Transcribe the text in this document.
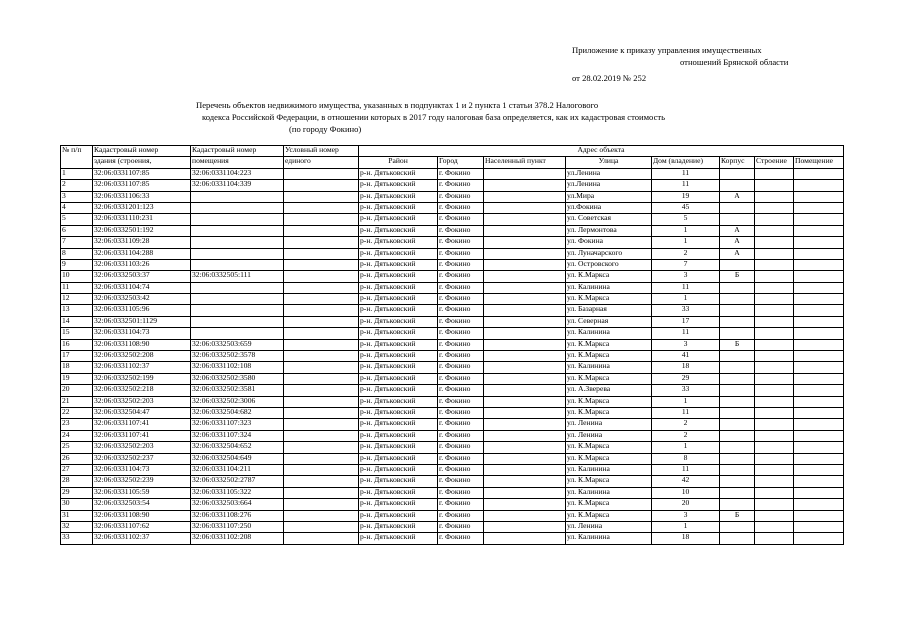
Приложение к приказу управления имущественных
отношений Брянской области
от 28.02.2019 № 252
Перечень объектов недвижимого имущества, указанных в подпунктах 1 и 2 пункта 1 статьи 378.2 Налогового
кодекса Российской Федерации, в отношении которых в 2017 году налоговая база определяется, как их кадастровая стоимость
(по городу Фокино)
№ п/п	Кадастровый номер	Кадастровый номер	Условный номер	Адрес объекта							
	здания (строения,	помещения	единого	Район	Город	Населенный пункт	Улица	Дом (владение)	Корпус	Строение	Помещение
1	32:06:0331107:85	32:06:0331104:223		р-н. Дятьковский	г. Фокино		ул.Ленина	11			
2	32:06:0331107:85	32:06:0331104:339		р-н. Дятьковский	г. Фокино		ул.Ленина	11			
3	32:06:0331106:33			р-н. Дятьковский	г. Фокино		ул.Мира	19	А		
4	32:06:0331201:123			р-н. Дятьковский	г. Фокино		ул.Фокина	45			
5	32:06:0331110:231			р-н. Дятьковский	г. Фокино		ул. Советская	5			
6	32:06:0332501:192			р-н. Дятьковский	г. Фокино		ул. Лермонтова	1	А		
7	32:06:0331109:28			р-н. Дятьковский	г. Фокино		ул. Фокина	1	А		
8	32:06:0331104:288			р-н. Дятьковский	г. Фокино		ул. Луначарского	2	А		
9	32:06:0331103:26			р-н. Дятьковский	г. Фокино		ул. Островского	7			
10	32:06:0332503:37	32:06:0332505:111		р-н. Дятьковский	г. Фокино		ул. К.Маркса	3	Б		
11	32:06:0331104:74			р-н. Дятьковский	г. Фокино		ул. Калинина	11			
12	32:06:0332503:42			р-н. Дятьковский	г. Фокино		ул. К.Маркса	1			
13	32:06:0331105:96			р-н. Дятьковский	г. Фокино		ул. Базарная	33			
14	32:06:0332501:1129			р-н. Дятьковский	г. Фокино		ул. Северная	17			
15	32:06:0331104:73			р-н. Дятьковский	г. Фокино		ул. Калинина	11			
16	32:06:0331108:90	32:06:0332503:659		р-н. Дятьковский	г. Фокино		ул. К.Маркса	3	Б		
17	32:06:0332502:208	32:06:0332502:3578		р-н. Дятьковский	г. Фокино		ул. К.Маркса	41			
18	32:06:0331102:37	32:06:0331102:108		р-н. Дятьковский	г. Фокино		ул. Калинина	18			
19	32:06:0332502:199	32:06:0332502:3580		р-н. Дятьковский	г. Фокино		ул. К.Маркса	29			
20	32:06:0332502:218	32:06:0332502:3581		р-н. Дятьковский	г. Фокино		ул. А.Зверева	33			
21	32:06:0332502:203	32:06:0332502:3006		р-н. Дятьковский	г. Фокино		ул. К.Маркса	1			
22	32:06:0332504:47	32:06:0332504:682		р-н. Дятьковский	г. Фокино		ул. К.Маркса	11			
23	32:06:0331107:41	32:06:0331107:323		р-н. Дятьковский	г. Фокино		ул. Ленина	2			
24	32:06:0331107:41	32:06:0331107:324		р-н. Дятьковский	г. Фокино		ул. Ленина	2			
25	32:06:0332502:203	32:06:0332504:652		р-н. Дятьковский	г. Фокино		ул. К.Маркса	1			
26	32:06:0332502:237	32:06:0332504:649		р-н. Дятьковский	г. Фокино		ул. К.Маркса	8			
27	32:06:0331104:73	32:06:0331104:211		р-н. Дятьковский	г. Фокино		ул. Калинина	11			
28	32:06:0332502:239	32:06:0332502:2787		р-н. Дятьковский	г. Фокино		ул. К.Маркса	42			
29	32:06:0331105:59	32:06:0331105:322		р-н. Дятьковский	г. Фокино		ул. Калинина	10			
30	32:06:0332503:54	32:06:0332503:664		р-н. Дятьковский	г. Фокино		ул. К.Маркса	20			
31	32:06:0331108:90	32:06:0331108:276		р-н. Дятьковский	г. Фокино		ул. К.Маркса	3	Б		
32	32:06:0331107:62	32:06:0331107:250		р-н. Дятьковский	г. Фокино		ул. Ленина	1			
33	32:06:0331102:37	32:06:0331102:208		р-н. Дятьковский	г. Фокино		ул. Калинина	18			
